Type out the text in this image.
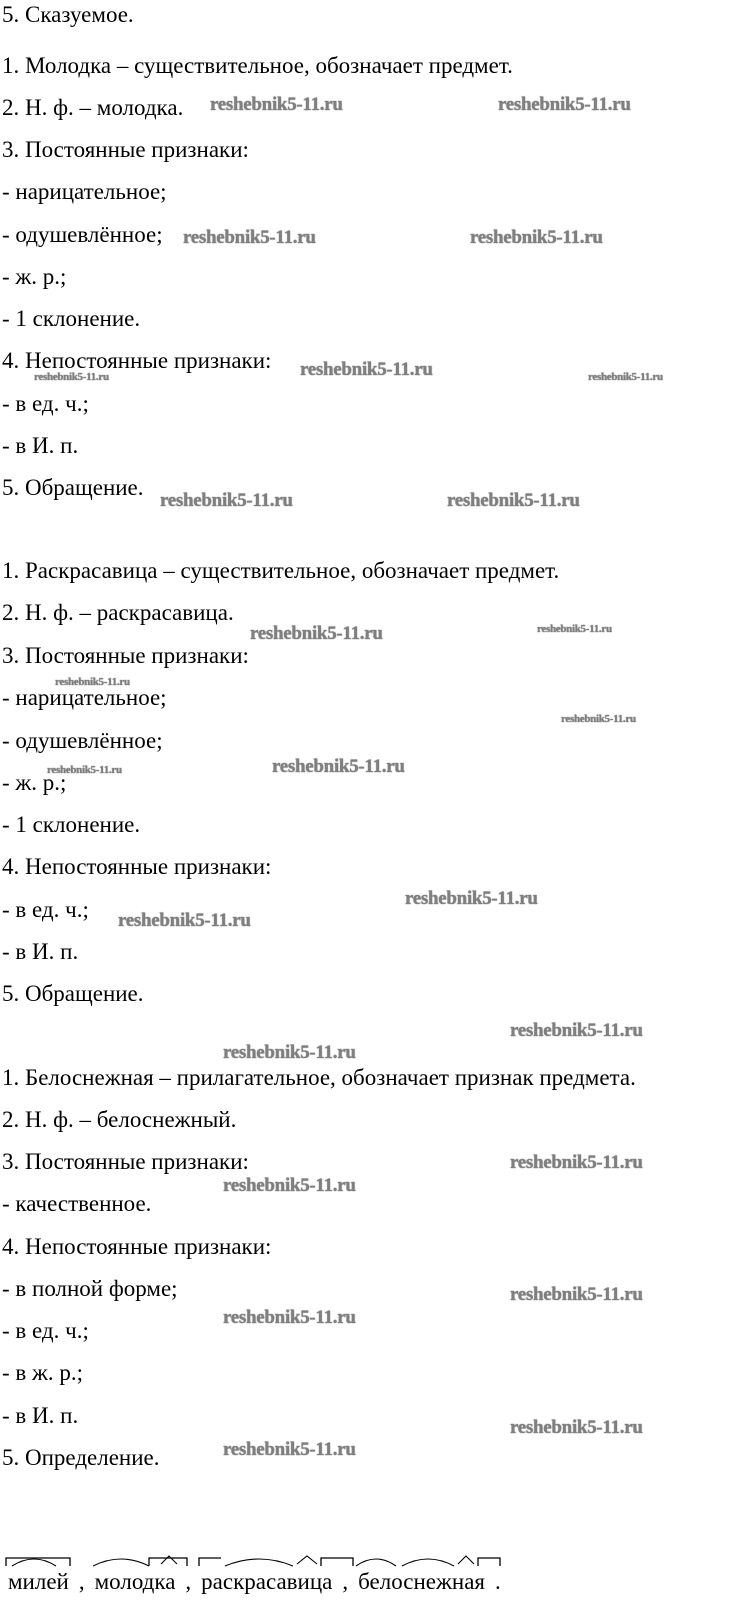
5. Сказуемое.
1. Молодка – существительное, обозначает предмет.
2. Н. ф. – молодка.
3. Постоянные признаки:
- нарицательное;
- одушевлённое;
- ж. р.;
- 1 склонение.
4. Непостоянные признаки:
- в ед. ч.;
- в И. п.
5. Обращение.
1. Раскрасавица – существительное, обозначает предмет.
2. Н. ф. – раскрасавица.
3. Постоянные признаки:
- нарицательное;
- одушевлённое;
- ж. р.;
- 1 склонение.
4. Непостоянные признаки:
- в ед. ч.;
- в И. п.
5. Обращение.
1. Белоснежная – прилагательное, обозначает признак предмета.
2. Н. ф. – белоснежный.
3. Постоянные признаки:
- качественное.
4. Непостоянные признаки:
- в полной форме;
- в ед. ч.;
- в ж. р.;
- в И. п.
5. Определение.
reshebnik5-11.ru	reshebnik5-11.ru
reshebnik5-11.ru	reshebnik5-11.ru
reshebnik5-11.ru
reshebnik5-11.ru	reshebnik5-11.ru
reshebnik5-11.ru	reshebnik5-11.ru
reshebnik5-11.ru	reshebnik5-11.ru
reshebnik5-11.ru
reshebnik5-11.ru
reshebnik5-11.ru
reshebnik5-11.ru
reshebnik5-11.ru
reshebnik5-11.ru
reshebnik5-11.ru
reshebnik5-11.ru
reshebnik5-11.ru
reshebnik5-11.ru
reshebnik5-11.ru
reshebnik5-11.ru
reshebnik5-11.ru
reshebnik5-11.ru
милей , молодка , раскрасавица , белоснежная .
